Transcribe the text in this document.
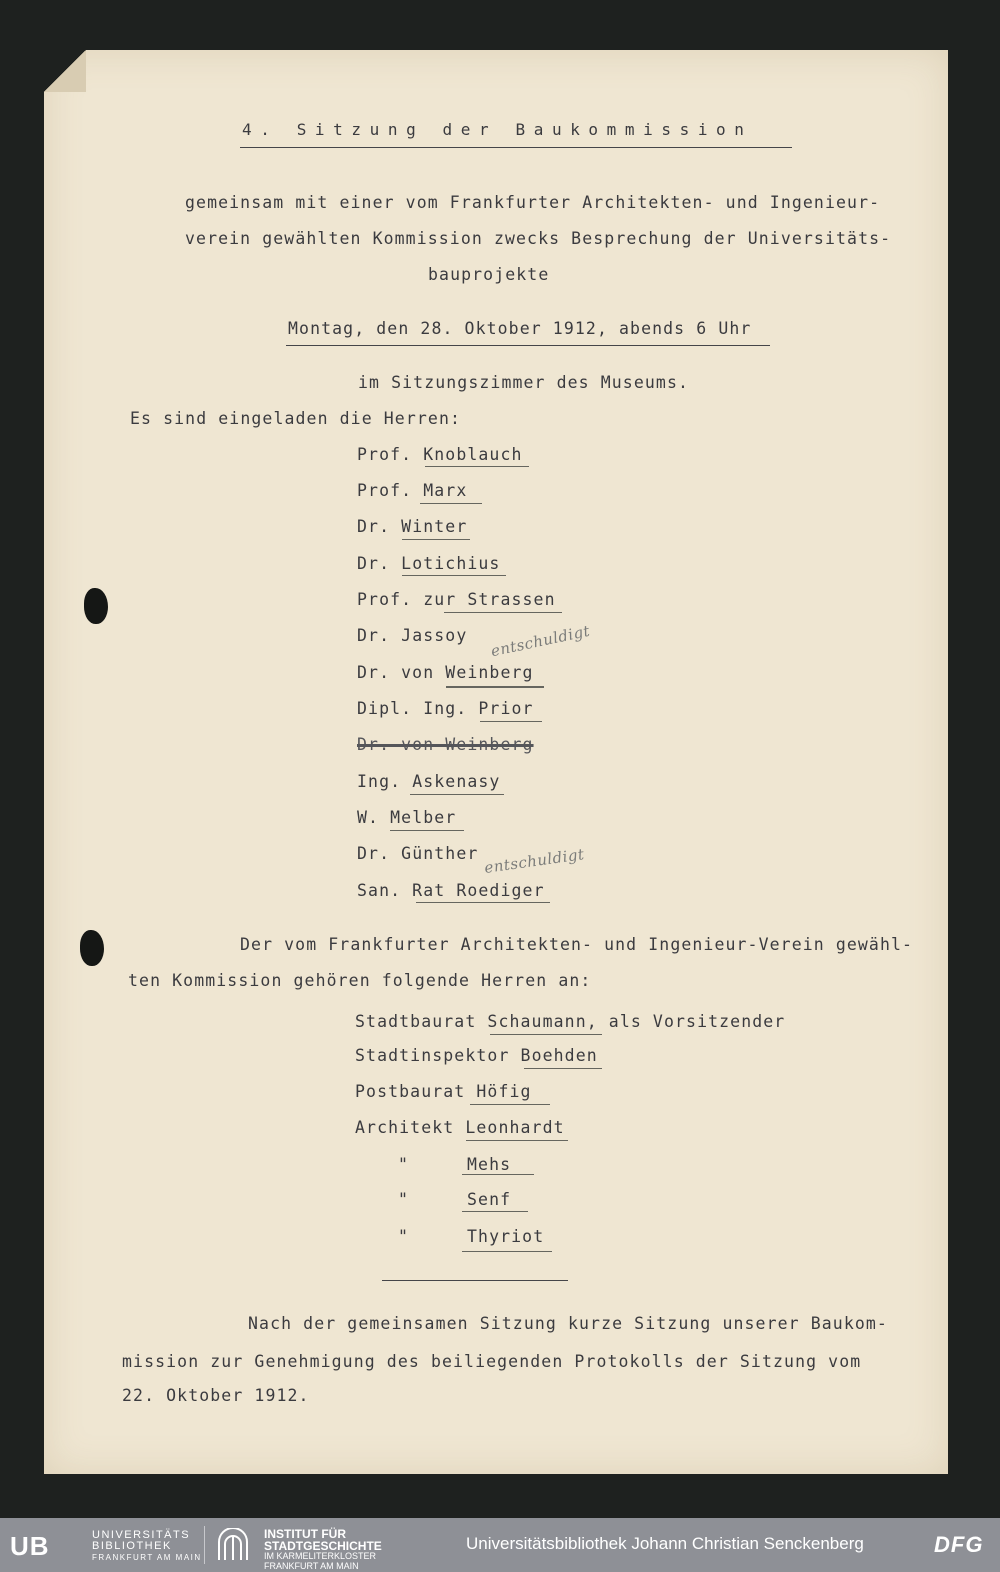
4. Sitzung der Baukommission
gemeinsam mit einer vom Frankfurter Architekten- und Ingenieur-
verein gewählten Kommission zwecks Besprechung der Universitäts-
bauprojekte
Montag, den 28. Oktober 1912, abends 6 Uhr
im Sitzungszimmer des Museums.
Es sind eingeladen die Herren:
Prof. Knoblauch
Prof. Marx
Dr. Winter
Dr. Lotichius
Prof. zur Strassen
Dr. Jassoy entschuldigt
Dr. von Weinberg
Dipl. Ing. Prior
Dr. von Weinberg
Ing. Askenasy
W. Melber
Dr. Günther entschuldigt
San. Rat Roediger
Der vom Frankfurter Architekten- und Ingenieur-Verein gewähl-
ten Kommission gehören folgende Herren an:
Stadtbaurat Schaumann, als Vorsitzender
Stadtinspektor Boehden
Postbaurat Höfig
Architekt Leonhardt
"	Mehs
"	Senf
"	Thyriot
Nach der gemeinsamen Sitzung kurze Sitzung unserer Baukom-
mission zur Genehmigung des beiliegenden Protokolls der Sitzung vom
22. Oktober 1912.
UB	UNIVERSITÄTS
BIBLIOTHEK
FRANKFURT AM MAIN
INSTITUT FÜR
STADTGESCHICHTE
IM KARMELITERKLOSTER
FRANKFURT AM MAIN
Universitätsbibliothek Johann Christian Senckenberg	DFG
